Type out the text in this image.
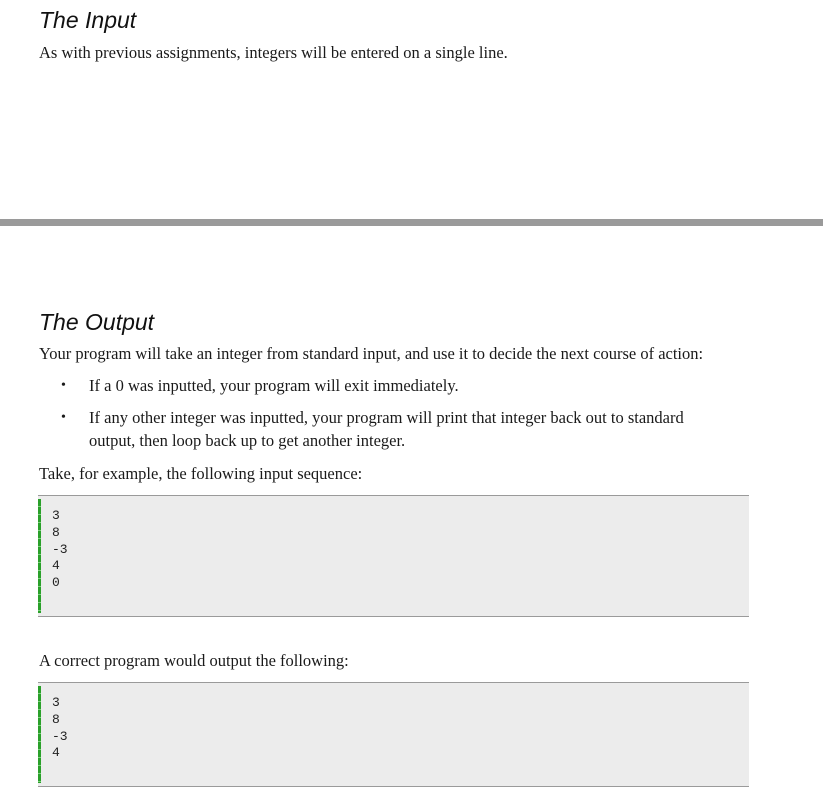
The Input

As with previous assignments, integers will be entered on a single line.

The Output

Your program will take an integer from standard input, and use it to decide the next course of action:

• If a 0 was inputted, your program will exit immediately.
• If any other integer was inputted, your program will print that integer back out to standard output, then loop back up to get another integer.

Take, for example, the following input sequence:

3
8
-3
4
0

A correct program would output the following:

3
8
-3
4
